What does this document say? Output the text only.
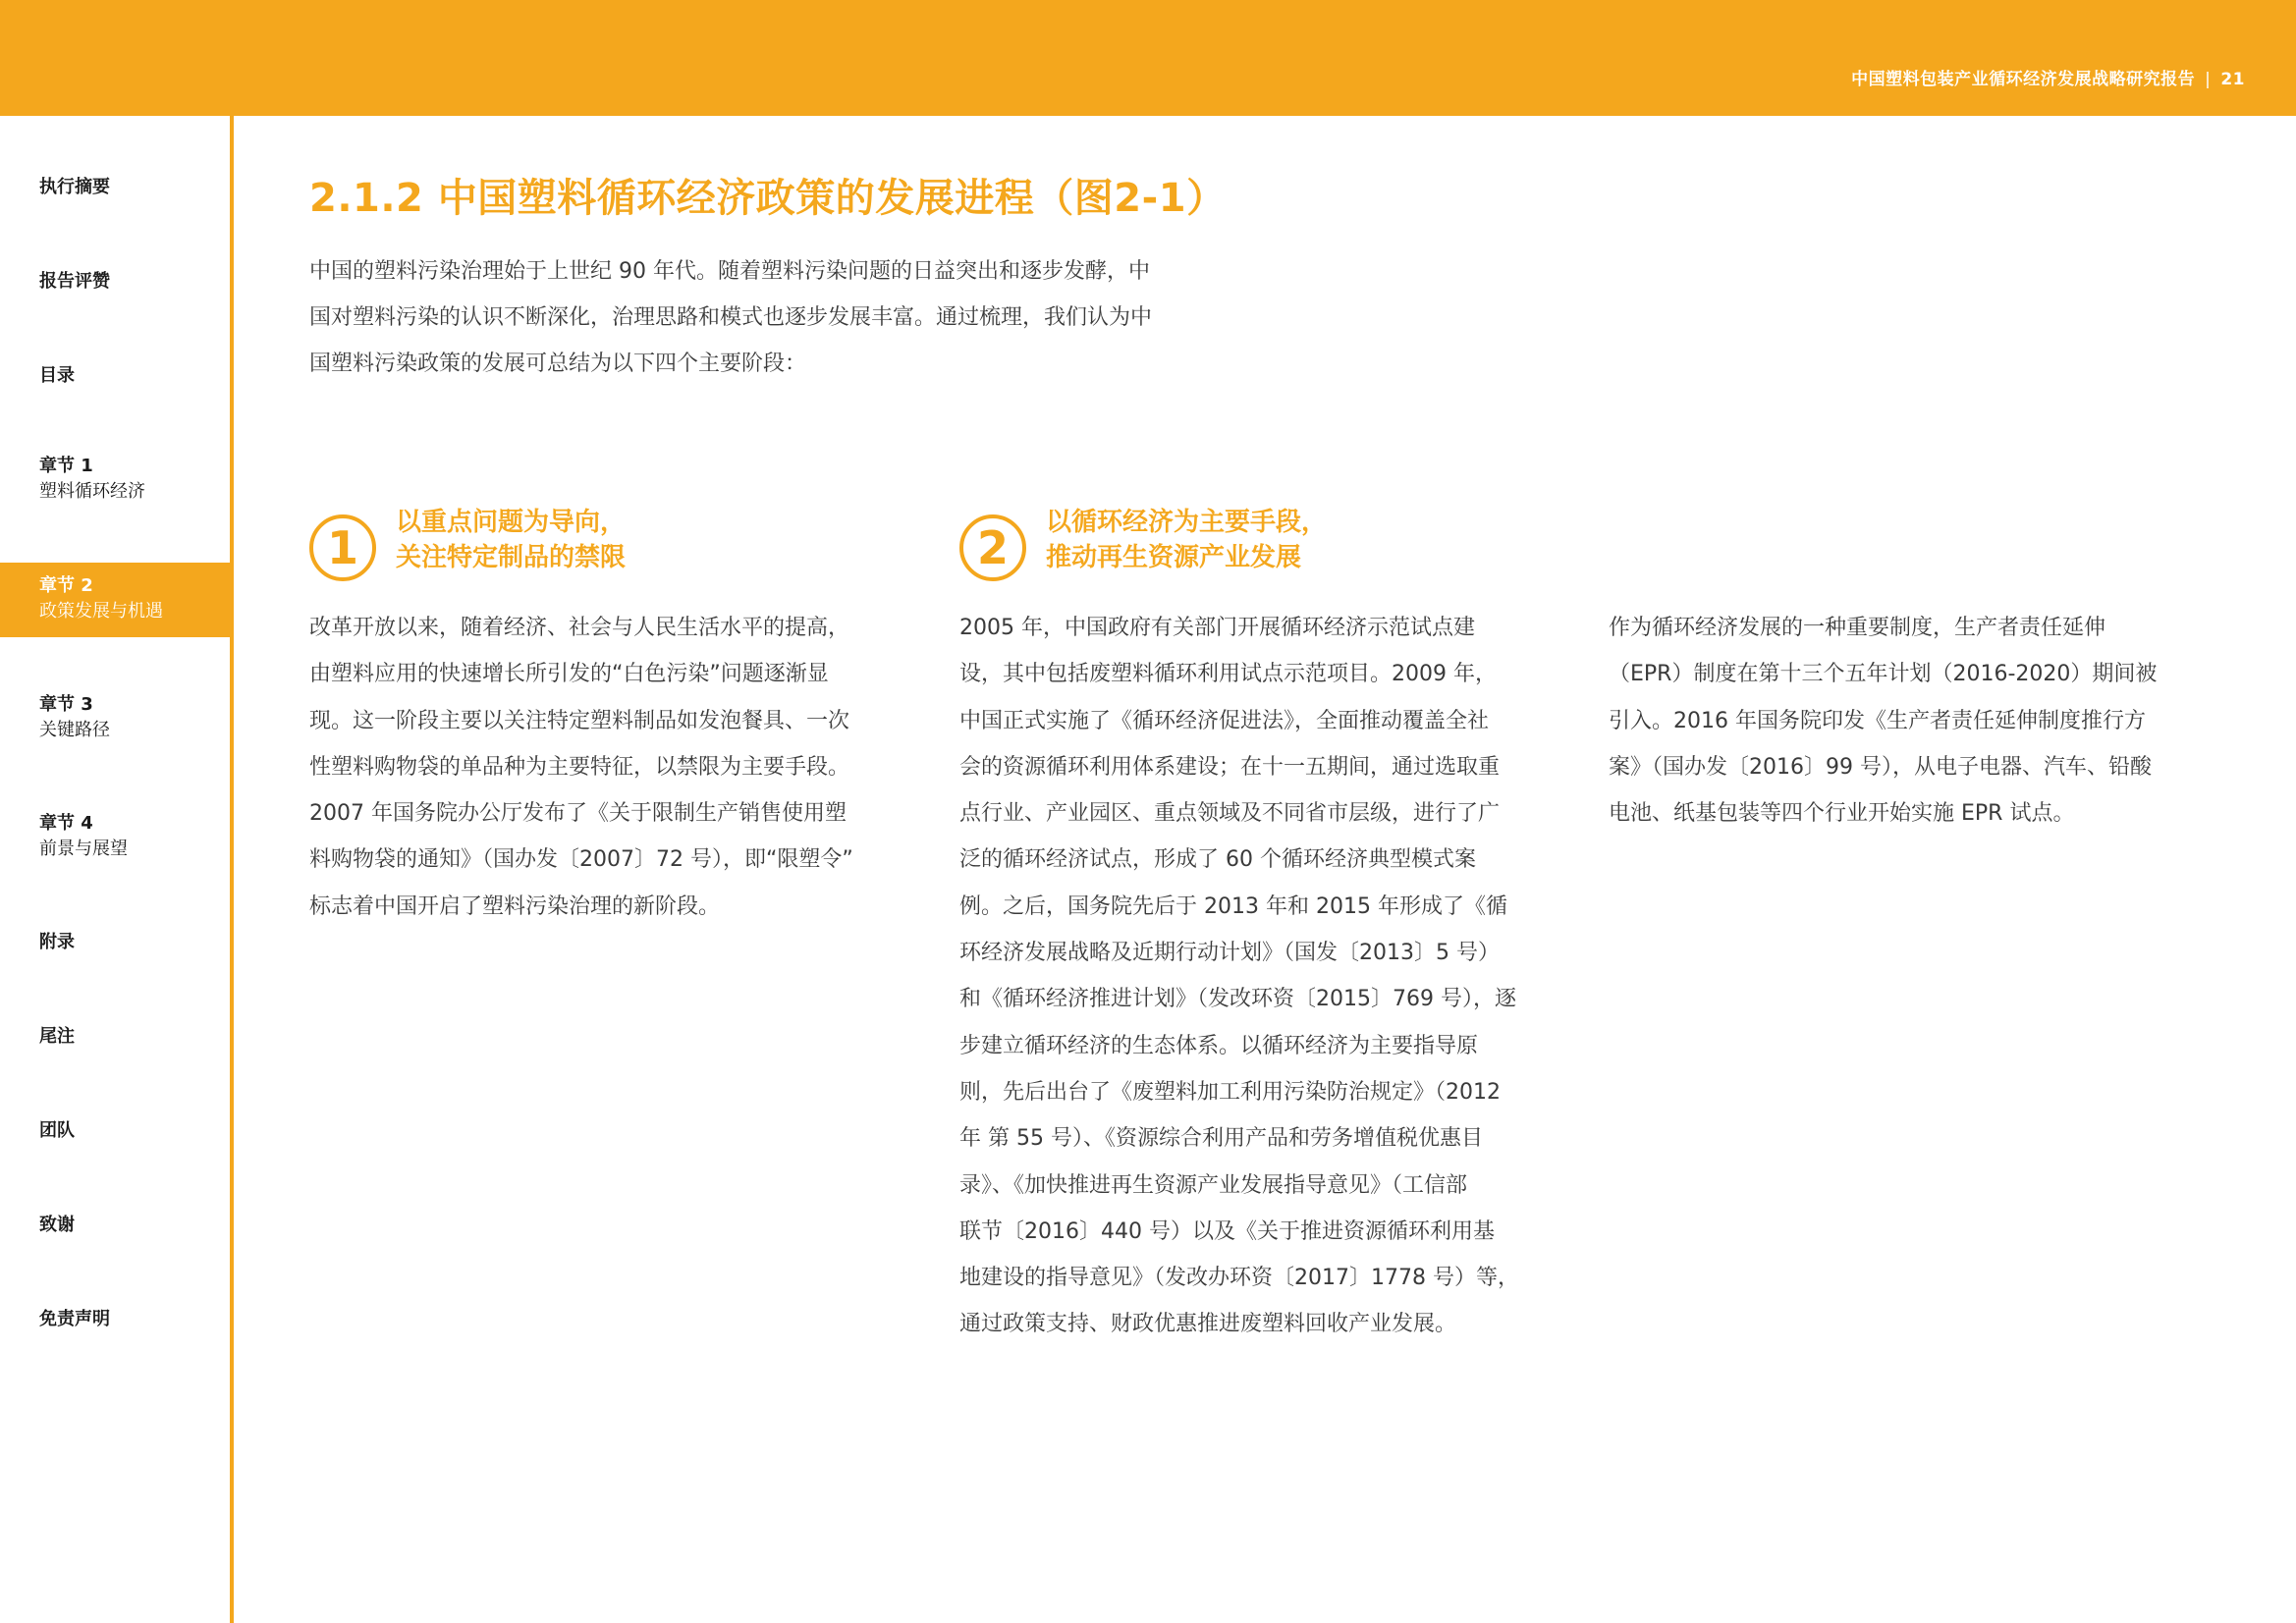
中国塑料包装产业循环经济发展战略研究报告 | 21
执行摘要
报告评赞
目录
章节 1
塑料循环经济
章节 2
政策发展与机遇
章节 3
关键路径
章节 4
前景与展望
附录
尾注
团队
致谢
免责声明
2.1.2 中国塑料循环经济政策的发展进程（图2-1）

中国的塑料污染治理始于上世纪 90 年代。随着塑料污染问题的日益突出和逐步发酵，中

国对塑料污染的认识不断深化，治理思路和模式也逐步发展丰富。通过梳理，我们认为中

国塑料污染政策的发展可总结为以下四个主要阶段：

1	以重点问题为导向，
关注特定制品的禁限	2	以循环经济为主要手段，
推动再生资源产业发展

改革开放以来，随着经济、社会与人民生活水平的提高，

由塑料应用的快速增长所引发的“白色污染”问题逐渐显

现。这一阶段主要以关注特定塑料制品如发泡餐具、一次

性塑料购物袋的单品种为主要特征，以禁限为主要手段。

2007 年国务院办公厅发布了《关于限制生产销售使用塑

料购物袋的通知》（国办发〔2007〕72 号），即“限塑令”

标志着中国开启了塑料污染治理的新阶段。

2005 年，中国政府有关部门开展循环经济示范试点建

设，其中包括废塑料循环利用试点示范项目。2009 年，

中国正式实施了《循环经济促进法》，全面推动覆盖全社

会的资源循环利用体系建设；在十一五期间，通过选取重

点行业、产业园区、重点领域及不同省市层级，进行了广

泛的循环经济试点，形成了 60 个循环经济典型模式案

例。之后，国务院先后于 2013 年和 2015 年形成了《循

环经济发展战略及近期行动计划》（国发〔2013〕5 号）

和《循环经济推进计划》（发改环资〔2015〕769 号），逐

步建立循环经济的生态体系。以循环经济为主要指导原

则，先后出台了《废塑料加工利用污染防治规定》（2012

年 第 55 号）、《资源综合利用产品和劳务增值税优惠目

录》、《加快推进再生资源产业发展指导意见》（工信部

联节〔2016〕440 号）以及《关于推进资源循环利用基

地建设的指导意见》（发改办环资〔2017〕1778 号）等，

通过政策支持、财政优惠推进废塑料回收产业发展。

作为循环经济发展的一种重要制度，生产者责任延伸

（EPR）制度在第十三个五年计划（2016-2020）期间被

引入。2016 年国务院印发《生产者责任延伸制度推行方

案》（国办发〔2016〕99 号），从电子电器、汽车、铅酸

电池、纸基包装等四个行业开始实施 EPR 试点。
